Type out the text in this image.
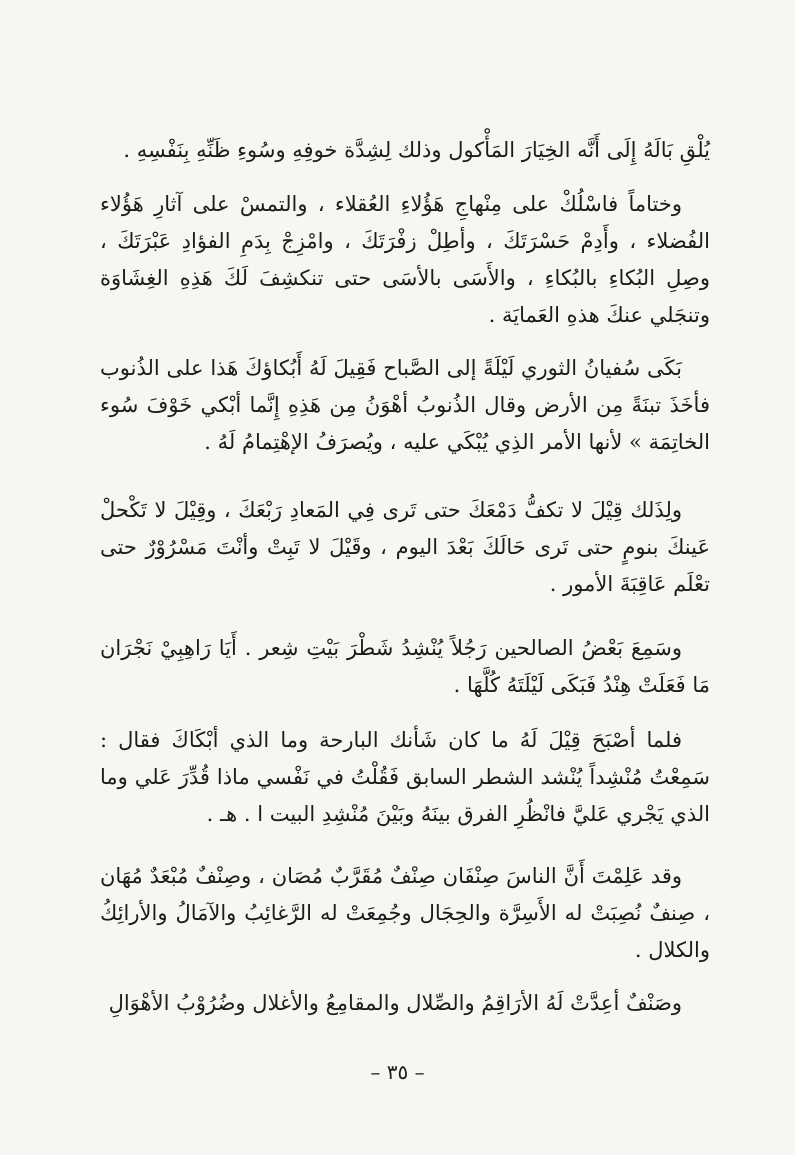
يُلْقِ بَالَهُ إِلَى أَنَّه الخِيَارَ المَأْكول وذلك لِشِدَّة خوفِهِ وسُوءِ ظَنِّهِ بِنَفْسِهِ .

وختاماً فاسْلُكْ على مِنْهاجِ هَؤُلاءِ العُقلاء ، والتمسْ على آثارِ هَؤُلاء الفُضلاء ، وأَدِمْ حَسْرَتَكَ ، وأطِلْ زفْرَتَكَ ، وامْزِجْ بِدَمِ الفؤادِ عَبْرَتَكَ ، وصِلِ البُكاءِ بالبُكاءِ ، والأَسَى بالأسَى حتى تنكشِفَ لَكَ هَذِهِ الغِشَاوَة وتنجَلي عنكَ هذهِ العَمايَة .

بَكَى سُفيانُ الثوري لَيْلَةً إلى الصَّباح فَقِيلَ لَهُ أَبُكاؤكَ هَذا على الذُنوب فأخَذَ تبنَةً مِن الأرض وقال الذُنوبُ أهْوَنُ مِن هَذِهِ إِنَّما أبْكي خَوْفَ سُوء الخاتِمَة » لأنها الأمر الذِي يُبْكَي عليه ، ويُصرَفُ الإهْتِمامُ لَهُ .

ولِذَلك قِيْلَ لا تكفُّ دَمْعَكَ حتى تَرى فِي المَعادِ رَبْعَكَ ، وقِيْلَ لا تَكْحلْ عَينكَ بنومٍ حتى تَرى حَالَكَ بَعْدَ اليوم ، وقَيْلَ لا تَبِتْ وأنْتَ مَسْرُوْرٌ حتى تعْلَم عَاقِبَةَ الأمور .

وسَمِعَ بَعْضُ الصالحين رَجُلاً يُنْشِدُ شَطْرَ بَيْتِ شِعر . أَيَا رَاهِبِيْ نَجْرَان مَا فَعَلَتْ هِنْدُ فَبَكَى لَيْلَتَهُ كُلَّهَا .

فلما أصْبَحَ قِيْلَ لَهُ ما كان شَأنك البارحة وما الذي أبْكَاكَ فقال : سَمِعْتُ مُنْشِداً يُنْشد الشطر السابق فَقُلْتُ في نَفْسي ماذا قُدِّرَ عَلي وما الذي يَجْري عَليَّ فانْظُرِ الفرق بينَهُ وبَيْنَ مُنْشِدِ البيت ا . هـ .

وقد عَلِمْتَ أَنَّ الناسَ صِنْفَان صِنْفٌ مُقَرَّبٌ مُصَان ، وصِنْفٌ مُبْعَدٌ مُهَان ، صِنفٌ نُصِبَتْ له الأَسِرَّة والحِجَال وجُمِعَتْ له الرَّغائِبُ والآمَالُ والأرائِكُ والكلال .

وصَنْفٌ أعِدَّتْ لَهُ الأرَاقِمُ والصِّلال والمقامِعُ والأغلال وضُرُوْبُ الأهْوَالِ

– ٣٥ –
